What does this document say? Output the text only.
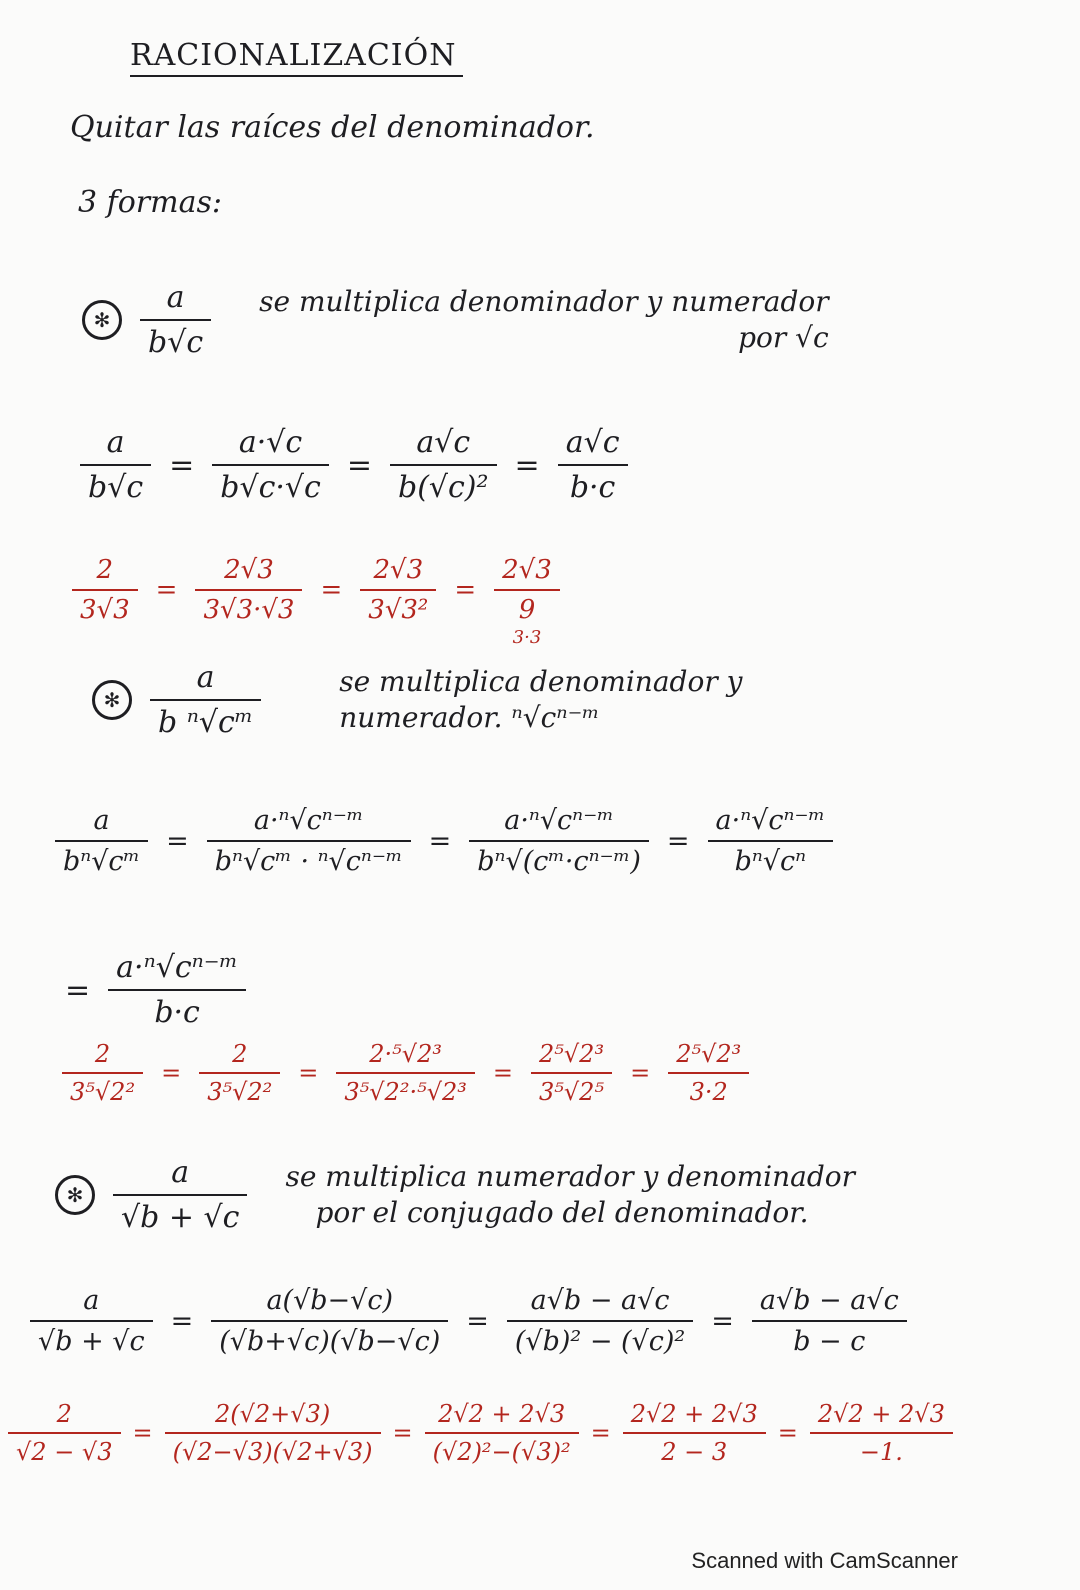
RACIONALIZACIÓN
Quitar las raíces del denominador.
3 formas:
✻ $\frac{a}{b√c}$ se multiplica denominador y numerador
por √c
$\frac{a}{b√c} = \frac{a\cdot√c}{b√c\cdot√c} = \frac{a√c}{\text{b(√c)²}} = \frac{a√c}{b\cdot c}$
$\frac{2}{3√3} = \frac{2√3}{3√3\cdot√3} = \frac{2√3}{\text{3√3²}}$ =
2√3
9
3·3
✻ $\frac{a}{\text{b ⁿ√cᵐ}}$	se multiplica denominador y
numerador. ⁿ√cⁿ⁻ᵐ
$\frac{a}{\text{bⁿ√cᵐ}} = \frac{\text{a·ⁿ√cⁿ⁻ᵐ}}{\text{bⁿ√cᵐ · ⁿ√cⁿ⁻ᵐ}} = \frac{\text{a·ⁿ√cⁿ⁻ᵐ}}{\text{bⁿ√(cᵐ·cⁿ⁻ᵐ)}} = \frac{\text{a·ⁿ√cⁿ⁻ᵐ}}{\text{bⁿ√cⁿ}}$
= $\frac{\text{a·ⁿ√cⁿ⁻ᵐ}}{b\cdot c}$
$\frac{2}{\text{3⁵√2²}} = \frac{2}{\text{3⁵√2²}} = \frac{\text{2·⁵√2³}}{\text{3⁵√2²·⁵√2³}} = \frac{\text{2⁵√2³}}{\text{3⁵√2⁵}} = \frac{\text{2⁵√2³}}{3\cdot 2}$
✻ $\frac{a}{√b + √c}$ se multiplica numerador y denominador
por el conjugado del denominador.
$\frac{a}{√b + √c} = \frac{a(√b-√c)}{(√b+√c)(√b-√c)} = \frac{a√b - a√c}{\text{(√b)² − (√c)²}} = \frac{a√b - a√c}{b - c}$
$\frac{2}{√2 - √3} = \frac{2(√2+√3)}{(√2-√3)(√2+√3)} = \frac{2√2 + 2√3}{\text{(√2)²−(√3)²}} = \frac{2√2 + 2√3}{2 - 3} = \frac{2√2 + 2√3}{-1.}$
Scanned with CamScanner
